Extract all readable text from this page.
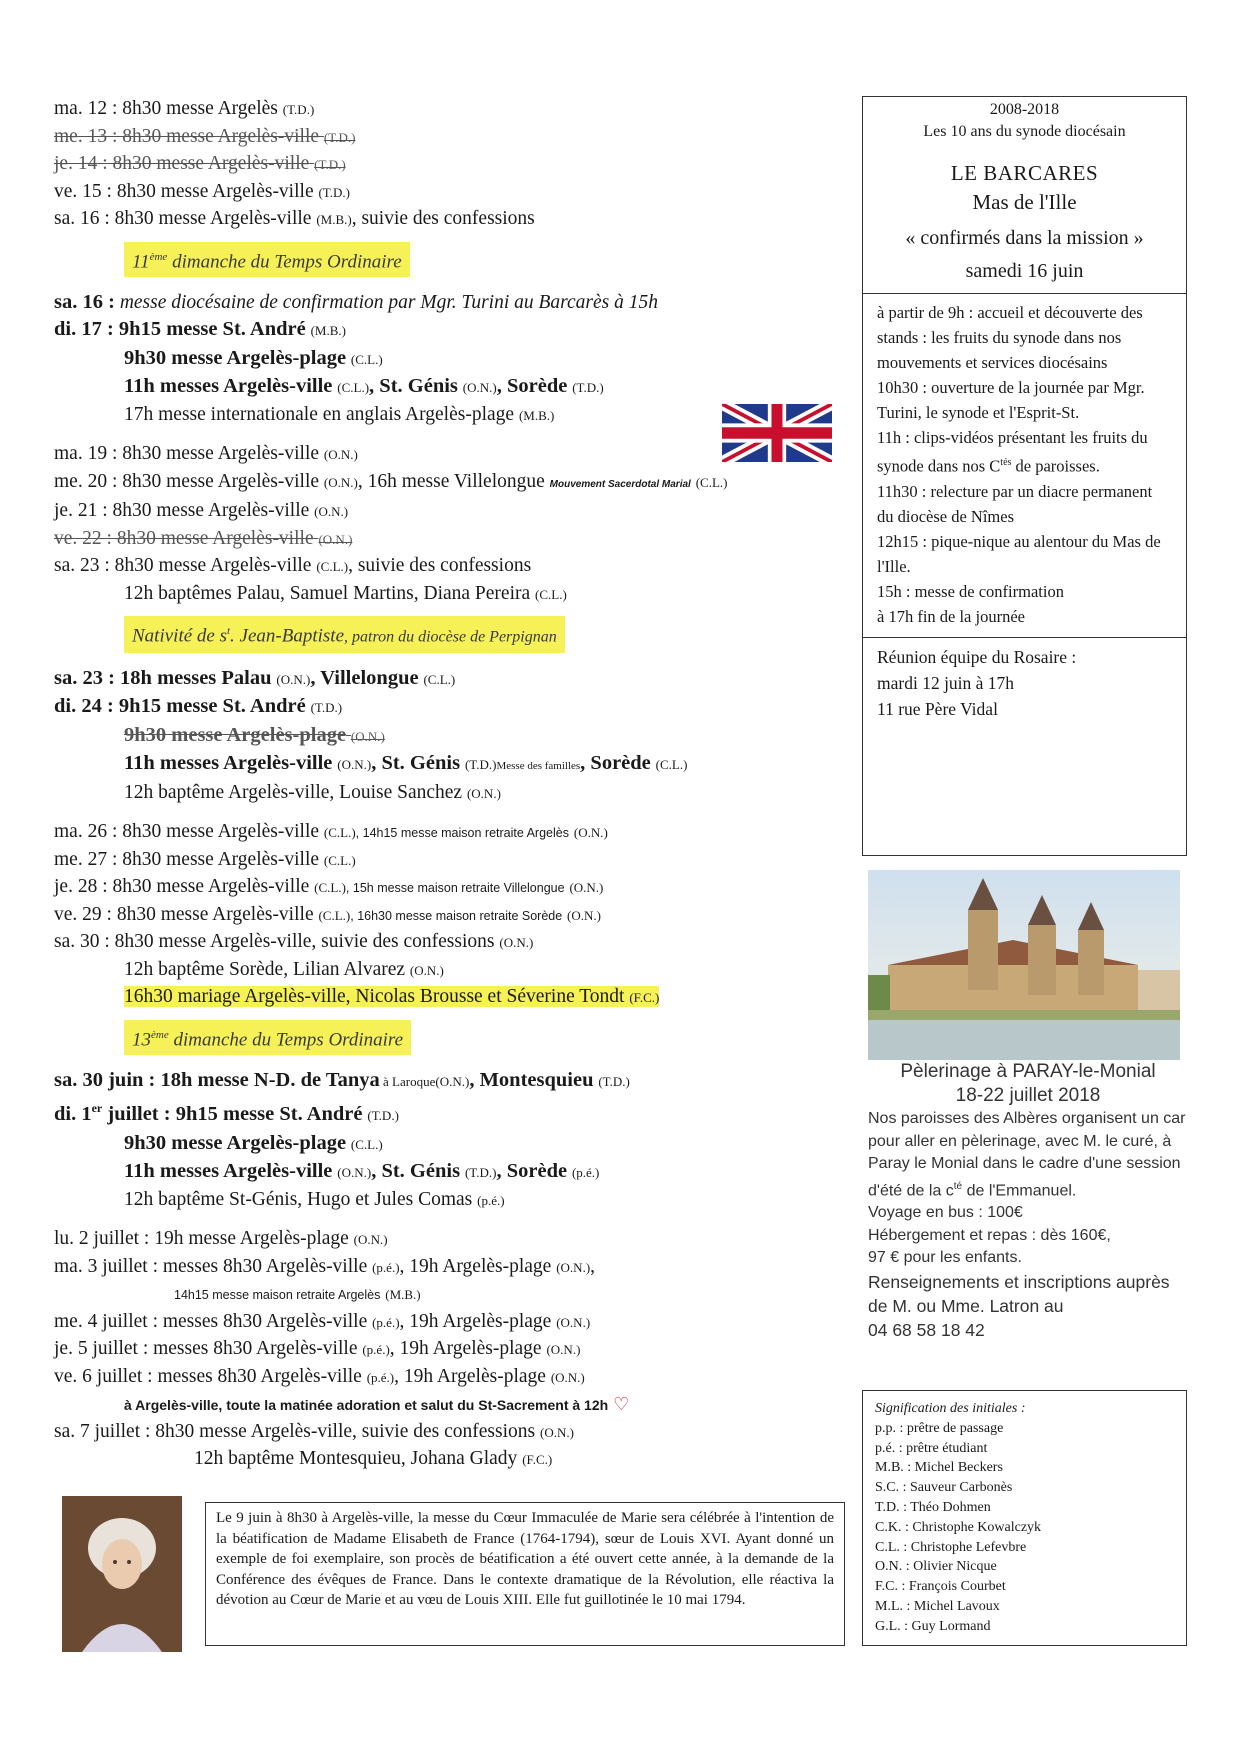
ma. 12 : 8h30 messe Argelès (T.D.)
me. 13 : 8h30 messe Argelès-ville (T.D.)
je. 14 : 8h30 messe Argelès-ville (T.D.)
ve. 15 : 8h30 messe Argelès-ville (T.D.)
sa. 16 : 8h30 messe Argelès-ville (M.B.), suivie des confessions
11ème dimanche du Temps Ordinaire
sa. 16 : messe diocésaine de confirmation par Mgr. Turini au Barcarès à 15h
di. 17 : 9h15 messe St. André (M.B.)
9h30 messe Argelès-plage (C.L.)
11h messes Argelès-ville (C.L.), St. Génis (O.N.), Sorède (T.D.)
17h messe internationale en anglais Argelès-plage (M.B.)
ma. 19 : 8h30 messe Argelès-ville (O.N.)
me. 20 : 8h30 messe Argelès-ville (O.N.), 16h messe Villelongue Mouvement Sacerdotal Marial (C.L.)
je. 21 : 8h30 messe Argelès-ville (O.N.)
ve. 22 : 8h30 messe Argelès-ville (O.N.)
sa. 23 : 8h30 messe Argelès-ville (C.L.), suivie des confessions
12h baptêmes Palau, Samuel Martins, Diana Pereira (C.L.)
Nativité de $s^t$. Jean-Baptiste, patron du diocèse de Perpignan
sa. 23 : 18h messes Palau (O.N.), Villelongue (C.L.)
di. 24 : 9h15 messe St. André (T.D.)
9h30 messe Argelès-plage (O.N.)
11h messes Argelès-ville (O.N.), St. Génis (T.D.)Messe des familles, Sorède (C.L.)
12h baptême Argelès-ville, Louise Sanchez (O.N.)
ma. 26 : 8h30 messe Argelès-ville (C.L.), 14h15 messe maison retraite Argelès (O.N.)
me. 27 : 8h30 messe Argelès-ville (C.L.)
je. 28 : 8h30 messe Argelès-ville (C.L.), 15h messe maison retraite Villelongue (O.N.)
ve. 29 : 8h30 messe Argelès-ville (C.L.), 16h30 messe maison retraite Sorède (O.N.)
sa. 30 : 8h30 messe Argelès-ville, suivie des confessions (O.N.)
12h baptême Sorède, Lilian Alvarez (O.N.)
16h30 mariage Argelès-ville, Nicolas Brousse et Séverine Tondt (F.C.)
13ème dimanche du Temps Ordinaire
sa. 30 juin : 18h messe N-D. de Tanya à Laroque(O.N.), Montesquieu (T.D.)
di. 1er juillet : 9h15 messe St. André (T.D.)
9h30 messe Argelès-plage (C.L.)
11h messes Argelès-ville (O.N.), St. Génis (T.D.), Sorède (p.é.)
12h baptême St-Génis, Hugo et Jules Comas (p.é.)
lu. 2 juillet : 19h messe Argelès-plage (O.N.)
ma. 3 juillet : messes 8h30 Argelès-ville (p.é.), 19h Argelès-plage (O.N.),
14h15 messe maison retraite Argelès (M.B.)
me. 4 juillet : messes 8h30 Argelès-ville (p.é.), 19h Argelès-plage (O.N.)
je. 5 juillet : messes 8h30 Argelès-ville (p.é.), 19h Argelès-plage (O.N.)
ve. 6 juillet : messes 8h30 Argelès-ville (p.é.), 19h Argelès-plage (O.N.)
à Argelès-ville, toute la matinée adoration et salut du St-Sacrement à 12h ♡
sa. 7 juillet : 8h30 messe Argelès-ville, suivie des confessions (O.N.)
12h baptême Montesquieu, Johana Glady (F.C.)
2008-2018
Les 10 ans du synode diocésain
LE BARCARES
Mas de l'Ille
« confirmés dans la mission »
samedi 16 juin

à partir de 9h : accueil et découverte des stands : les fruits du synode dans nos mouvements et services diocésains

10h30 : ouverture de la journée par Mgr. Turini, le synode et l'Esprit-St.

11h : clips-vidéos présentant les fruits du synode dans nos $C^{tés}$ de paroisses.

11h30 : relecture par un diacre permanent du diocèse de Nîmes

12h15 : pique-nique au alentour du Mas de l'Ille.

15h : messe de confirmation

à 17h fin de la journée

Réunion équipe du Rosaire :
mardi 12 juin à 17h
11 rue Père Vidal
Pèlerinage à PARAY-le-Monial
18-22 juillet 2018
Nos paroisses des Albères organisent un car pour aller en pèlerinage, avec M. le curé, à Paray le Monial dans le cadre d'une session d'été de la $c^{té}$ de l'Emmanuel.
Voyage en bus : 100€
Hébergement et repas : dès 160€,
97 € pour les enfants.
Renseignements et inscriptions auprès de M. ou Mme. Latron au
04 68 58 18 42
Signification des initiales :
p.p. : prêtre de passage
p.é. : prêtre étudiant
M.B. : Michel Beckers
S.C. : Sauveur Carbonès
T.D. : Théo Dohmen
C.K. : Christophe Kowalczyk
C.L. : Christophe Lefevbre
O.N. : Olivier Nicque
F.C. : François Courbet
M.L. : Michel Lavoux
G.L. : Guy Lormand
Le 9 juin à 8h30 à Argelès-ville, la messe du Cœur Immaculée de Marie sera célébrée à l'intention de la béatification de Madame Elisabeth de France (1764-1794), sœur de Louis XVI. Ayant donné un exemple de foi exemplaire, son procès de béatification a été ouvert cette année, à la demande de la Conférence des évêques de France. Dans le contexte dramatique de la Révolution, elle réactiva la dévotion au Cœur de Marie et au vœu de Louis XIII. Elle fut guillotinée le 10 mai 1794.
